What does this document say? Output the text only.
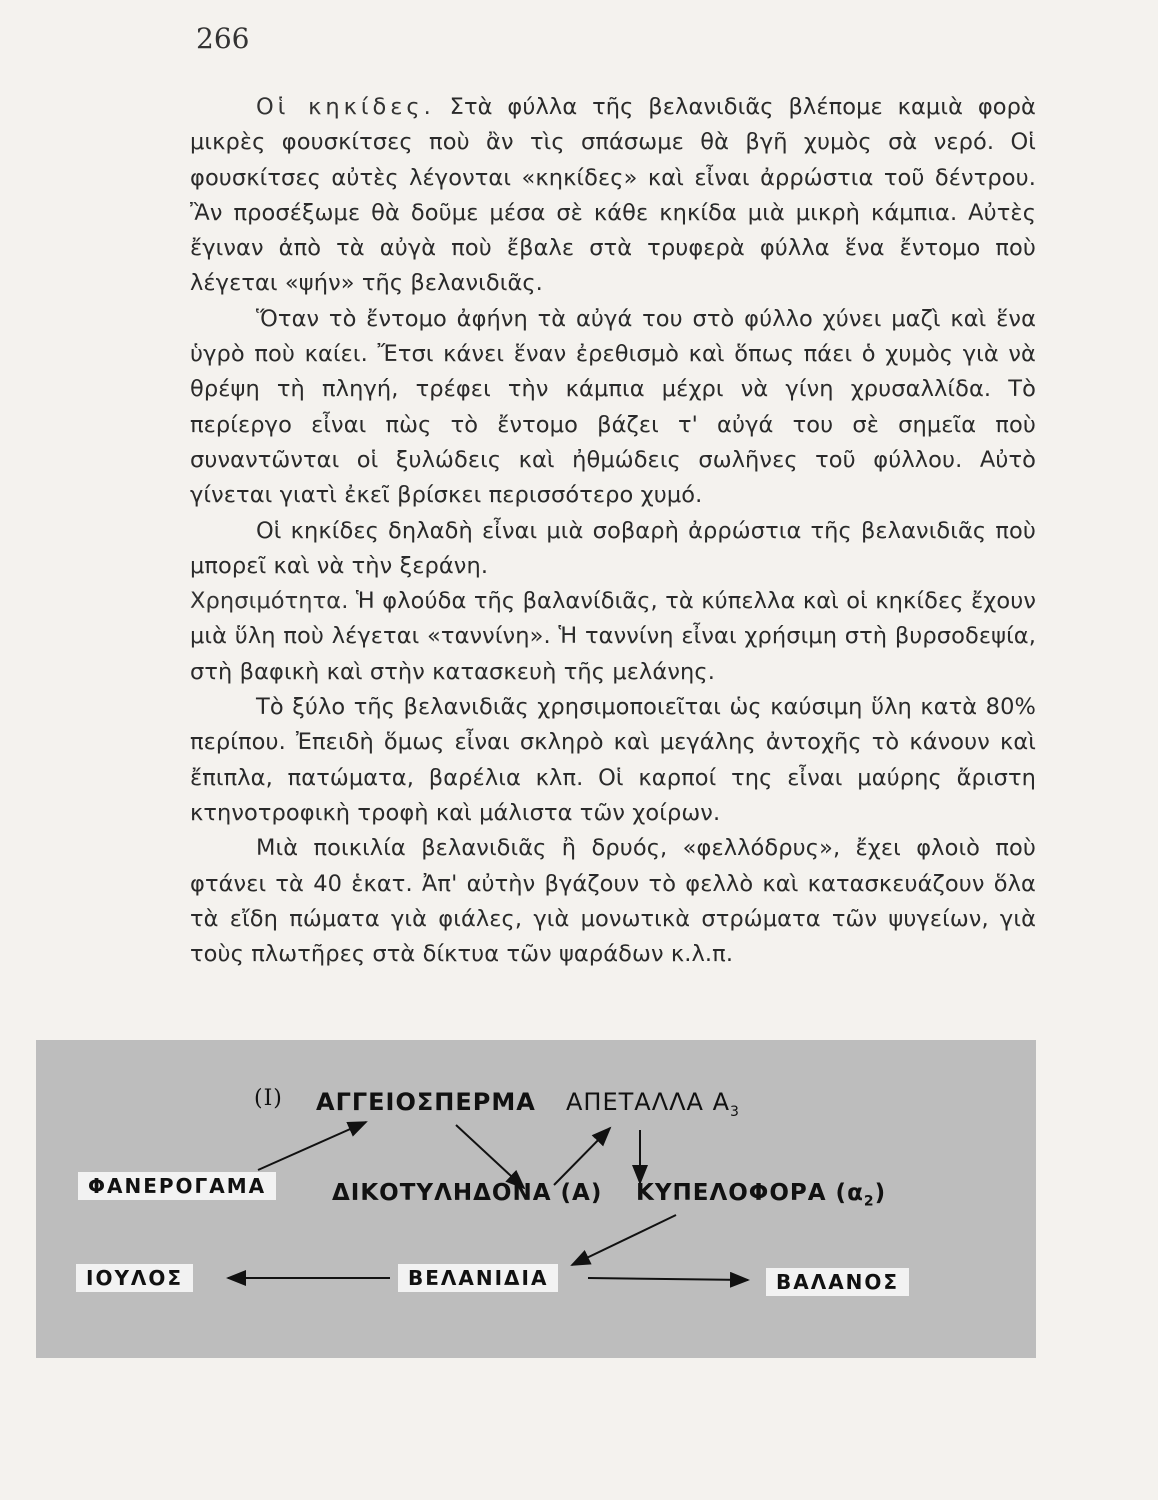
266

Οἱ κηκίδες. Στὰ φύλλα τῆς βελανιδιᾶς βλέπομε καμιὰ φορὰ μικρὲς φουσκίτσες ποὺ ἂν τὶς σπάσωμε θὰ βγῆ χυμὸς σὰ νερό. Οἱ φουσκίτσες αὐτὲς λέγονται «κηκίδες» καὶ εἶναι ἀρρώστια τοῦ δέντρου. Ἂν προσέξωμε θὰ δοῦμε μέσα σὲ κάθε κηκίδα μιὰ μικρὴ κάμπια. Αὐτὲς ἔγιναν ἀπὸ τὰ αὐγὰ ποὺ ἔβαλε στὰ τρυφερὰ φύλλα ἕνα ἔντομο ποὺ λέγεται «ψήν» τῆς βελανιδιᾶς.

Ὅταν τὸ ἔντομο ἀφήνη τὰ αὐγά του στὸ φύλλο χύνει μαζὶ καὶ ἕνα ὑγρὸ ποὺ καίει. Ἔτσι κάνει ἕναν ἐρεθισμὸ καὶ ὅπως πάει ὁ χυμὸς γιὰ νὰ θρέψη τὴ πληγή, τρέφει τὴν κάμπια μέχρι νὰ γίνη χρυσαλλίδα. Τὸ περίεργο εἶναι πὼς τὸ ἔντομο βάζει τ' αὐγά του σὲ σημεῖα ποὺ συναντῶνται οἱ ξυλώδεις καὶ ἠθμώδεις σωλῆνες τοῦ φύλλου. Αὐτὸ γίνεται γιατὶ ἐκεῖ βρίσκει περισσότερο χυμό.

Οἱ κηκίδες δηλαδὴ εἶναι μιὰ σοβαρὴ ἀρρώστια τῆς βελανιδιᾶς ποὺ μπορεῖ καὶ νὰ τὴν ξεράνη.

Χρησιμότητα. Ἡ φλούδα τῆς βαλανίδιᾶς, τὰ κύπελλα καὶ οἱ κηκίδες ἔχουν μιὰ ὕλη ποὺ λέγεται «ταννίνη». Ἡ ταννίνη εἶναι χρήσιμη στὴ βυρσοδεψία, στὴ βαφικὴ καὶ στὴν κατασκευὴ τῆς μελάνης.

Τὸ ξύλο τῆς βελανιδιᾶς χρησιμοποιεῖται ὡς καύσιμη ὕλη κατὰ 80% περίπου. Ἐπειδὴ ὅμως εἶναι σκληρὸ καὶ μεγάλης ἀντοχῆς τὸ κάνουν καὶ ἔπιπλα, πατώματα, βαρέλια κλπ. Οἱ καρποί της εἶναι μαύρης ἄριστη κτηνοτροφικὴ τροφὴ καὶ μάλιστα τῶν χοίρων.

Μιὰ ποικιλία βελανιδιᾶς ἢ δρυός, «φελλόδρυς», ἔχει φλοιὸ ποὺ φτάνει τὰ 40 ἑκατ. Ἀπ' αὐτὴν βγάζουν τὸ φελλὸ καὶ κατασκευάζουν ὅλα τὰ εἴδη πώματα γιὰ φιάλες, γιὰ μονωτικὰ στρώματα τῶν ψυγείων, γιὰ τοὺς πλωτῆρες στὰ δίκτυα τῶν ψαράδων κ.λ.π.

(I) ΑΓΓΕΙΟΣΠΕΡΜΑ ΑΠΕΤΑΛΛΑ $A_3$
ΦΑΝΕΡΟΓΑΜΑ	ΔΙΚΟΤΥΛΗΔΟΝΑ (Α) ΚΥΠΕΛΟΦΟΡΑ $(\alpha_2)$
ΙΟΥΛΟΣ	ΒΕΛΑΝΙΔΙΑ	ΒΑΛΑΝΟΣ
